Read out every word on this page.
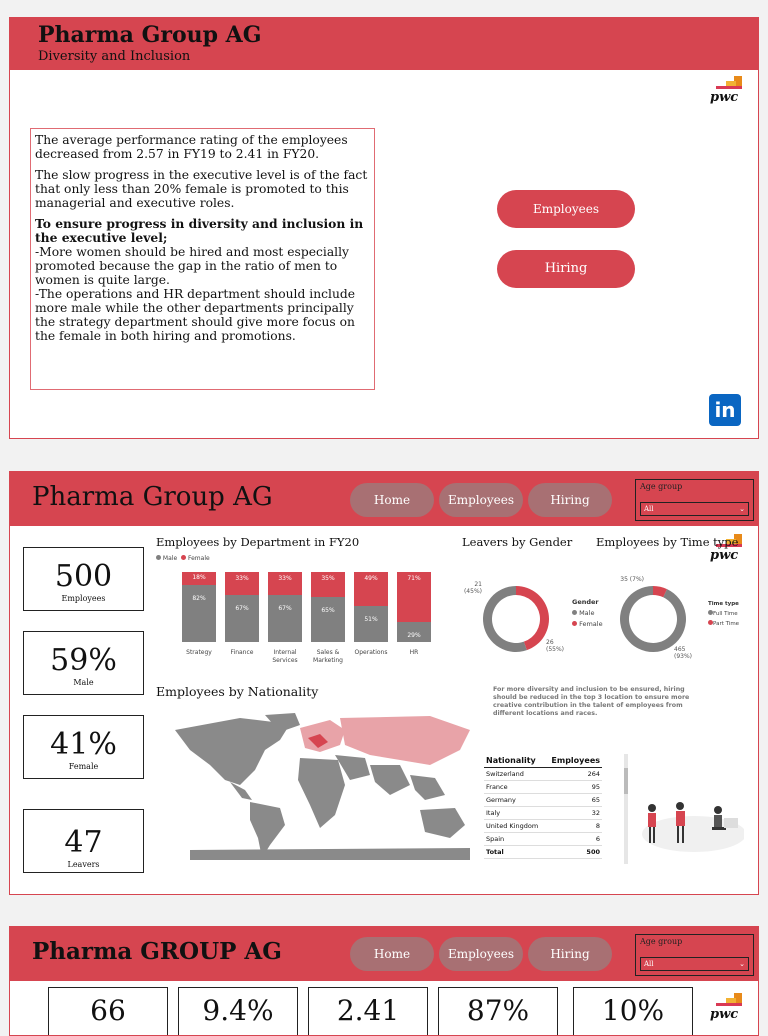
Pharma Group AG
Diversity and Inclusion
pwc
The average performance rating of the employees decreased from 2.57 in FY19 to 2.41 in FY20.
The slow progress in the executive level is of the fact that only less than 20% female is promoted to this managerial and executive roles.
To ensure progress in diversity and inclusion in the executive level;
-More women should be hired and most especially promoted because the gap in the ratio of men to women is quite large.
-The operations and HR department should include more male while the other departments principally the strategy department should give more focus on the female in both hiring and promotions.
Employees
Hiring
in
Pharma Group AG	Home	Employees	Hiring
Age group
All	⌄
pwc
500
Employees
59%
Male
41%
Female
47
Leavers
Employees by Department in FY20
Male Female
18%
82%
Strategy
33%
67%
Finance
33%
67%
Internal Services
35%
65%
Sales & Marketing
49%
51%
Operations
71%
29%
HR
Leavers by Gender
21 (45%)
26 (55%)
Gender
Male
Female
Employees by Time type
35 (7%)
465 (93%)
Time type
Full Time
Part Time
Employees by Nationality	For more diversity and inclusion to be ensured, hiring should be reduced in the top 3 location to ensure more creative contribution in the talent of employees from different locations and races.
Nationality	Employees
Switzerland	264
France	95
Germany	65
Italy	32
United Kingdom	8
Spain	6
Total	500
Pharma GROUP AG	Home	Employees	Hiring
Age group
All	⌄
pwc
66	9.4%	2.41	87%	10%
